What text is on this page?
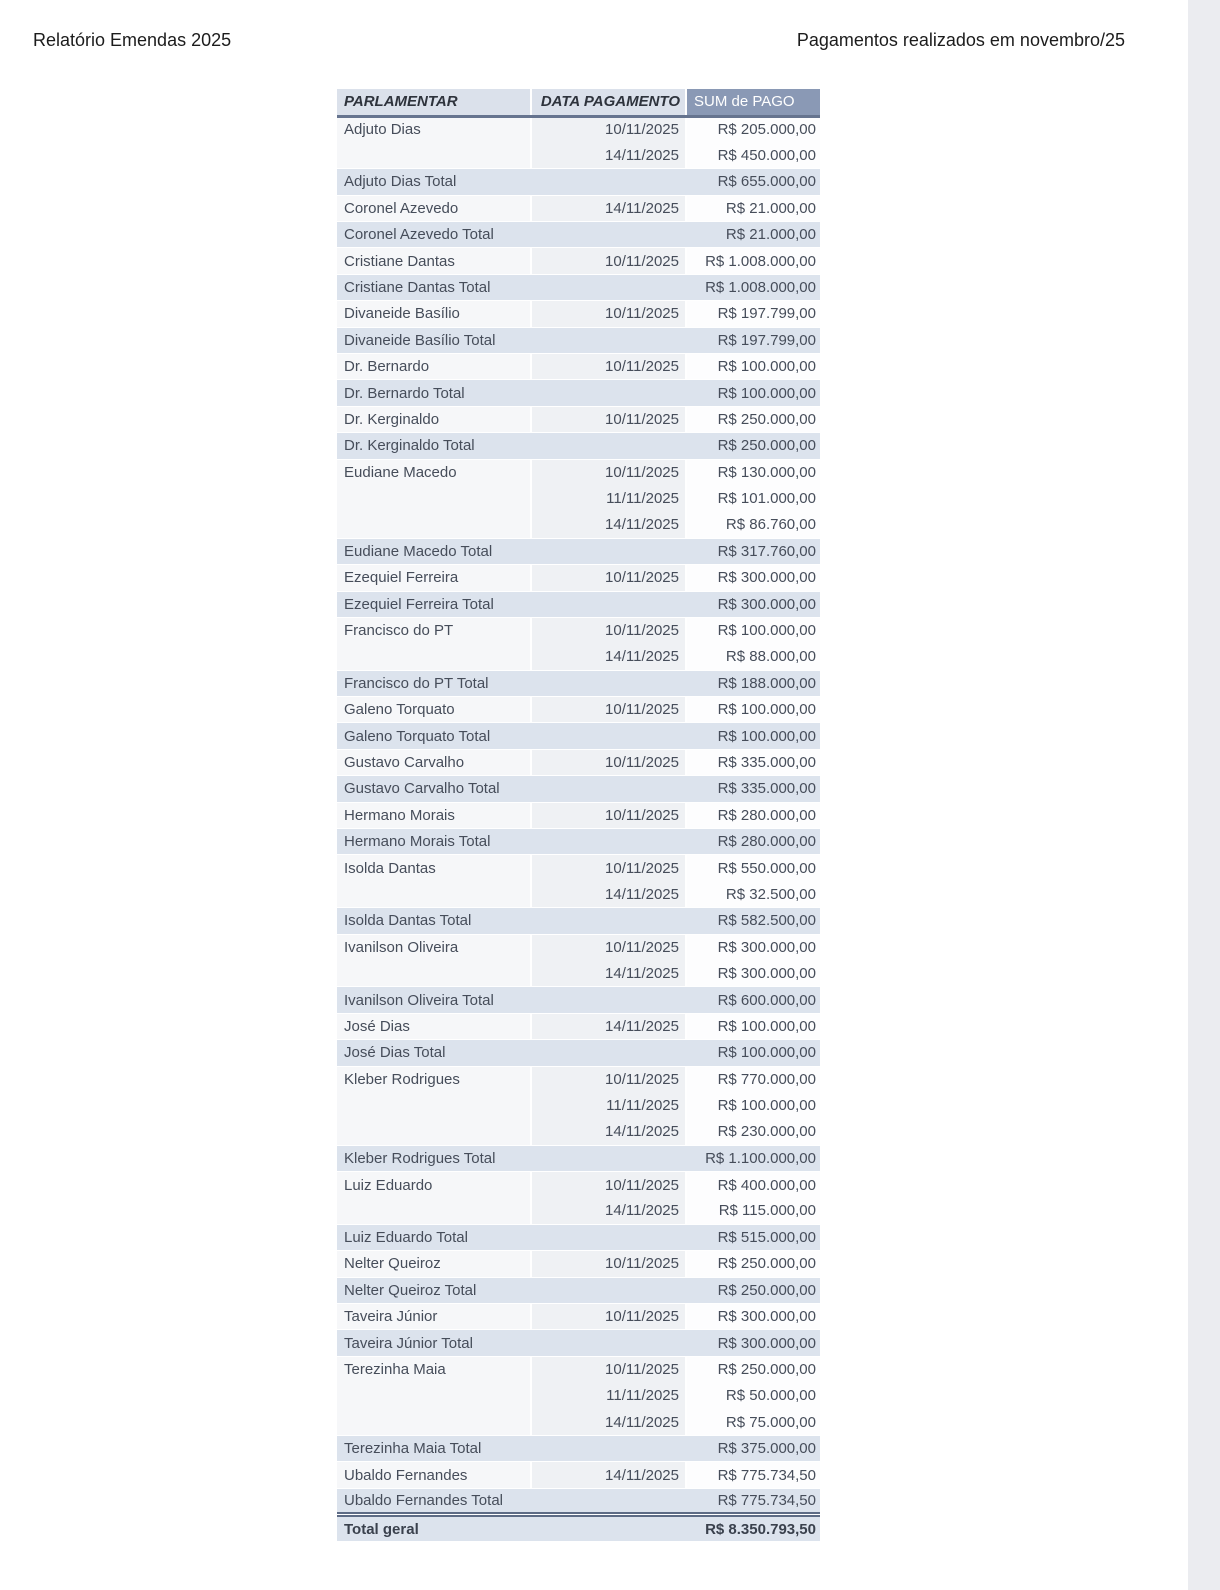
Relatório Emendas 2025	Pagamentos realizados em novembro/25
PARLAMENTAR	DATA PAGAMENTO	SUM de PAGO
Adjuto Dias	10/11/2025	R$ 205.000,00
	14/11/2025	R$ 450.000,00
Adjuto Dias Total		R$ 655.000,00
Coronel Azevedo	14/11/2025	R$ 21.000,00
Coronel Azevedo Total		R$ 21.000,00
Cristiane Dantas	10/11/2025	R$ 1.008.000,00
Cristiane Dantas Total		R$ 1.008.000,00
Divaneide Basílio	10/11/2025	R$ 197.799,00
Divaneide Basílio Total		R$ 197.799,00
Dr. Bernardo	10/11/2025	R$ 100.000,00
Dr. Bernardo Total		R$ 100.000,00
Dr. Kerginaldo	10/11/2025	R$ 250.000,00
Dr. Kerginaldo Total		R$ 250.000,00
Eudiane Macedo	10/11/2025	R$ 130.000,00
	11/11/2025	R$ 101.000,00
	14/11/2025	R$ 86.760,00
Eudiane Macedo Total		R$ 317.760,00
Ezequiel Ferreira	10/11/2025	R$ 300.000,00
Ezequiel Ferreira Total		R$ 300.000,00
Francisco do PT	10/11/2025	R$ 100.000,00
	14/11/2025	R$ 88.000,00
Francisco do PT Total		R$ 188.000,00
Galeno Torquato	10/11/2025	R$ 100.000,00
Galeno Torquato Total		R$ 100.000,00
Gustavo Carvalho	10/11/2025	R$ 335.000,00
Gustavo Carvalho Total		R$ 335.000,00
Hermano Morais	10/11/2025	R$ 280.000,00
Hermano Morais Total		R$ 280.000,00
Isolda Dantas	10/11/2025	R$ 550.000,00
	14/11/2025	R$ 32.500,00
Isolda Dantas Total		R$ 582.500,00
Ivanilson Oliveira	10/11/2025	R$ 300.000,00
	14/11/2025	R$ 300.000,00
Ivanilson Oliveira Total		R$ 600.000,00
José Dias	14/11/2025	R$ 100.000,00
José Dias Total		R$ 100.000,00
Kleber Rodrigues	10/11/2025	R$ 770.000,00
	11/11/2025	R$ 100.000,00
	14/11/2025	R$ 230.000,00
Kleber Rodrigues Total		R$ 1.100.000,00
Luiz Eduardo	10/11/2025	R$ 400.000,00
	14/11/2025	R$ 115.000,00
Luiz Eduardo Total		R$ 515.000,00
Nelter Queiroz	10/11/2025	R$ 250.000,00
Nelter Queiroz Total		R$ 250.000,00
Taveira Júnior	10/11/2025	R$ 300.000,00
Taveira Júnior Total		R$ 300.000,00
Terezinha Maia	10/11/2025	R$ 250.000,00
	11/11/2025	R$ 50.000,00
	14/11/2025	R$ 75.000,00
Terezinha Maia Total		R$ 375.000,00
Ubaldo Fernandes	14/11/2025	R$ 775.734,50
Ubaldo Fernandes Total		R$ 775.734,50
Total geral		R$ 8.350.793,50
